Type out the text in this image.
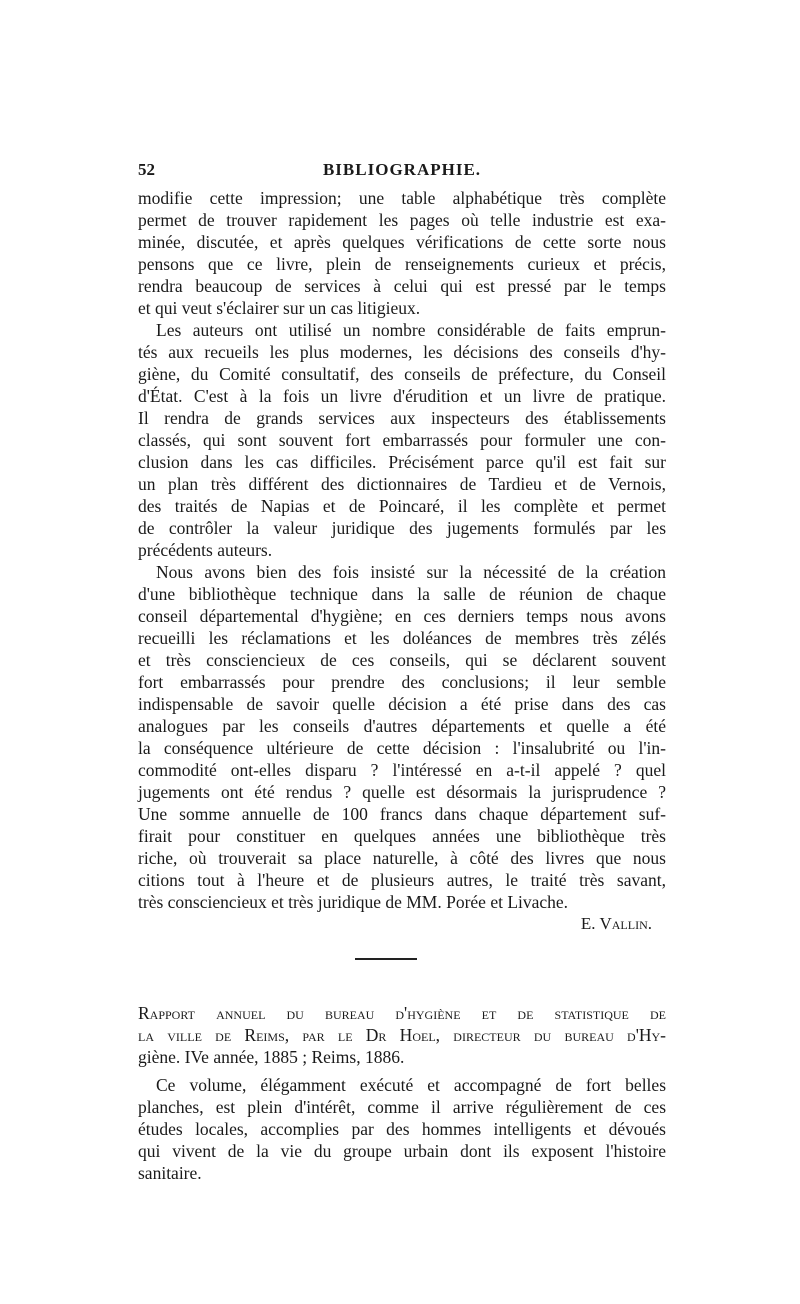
52	BIBLIOGRAPHIE.
modifie cette impression; une table alphabétique très complète
permet de trouver rapidement les pages où telle industrie est exa-
minée, discutée, et après quelques vérifications de cette sorte nous
pensons que ce livre, plein de renseignements curieux et précis,
rendra beaucoup de services à celui qui est pressé par le temps
et qui veut s'éclairer sur un cas litigieux.
Les auteurs ont utilisé un nombre considérable de faits emprun-
tés aux recueils les plus modernes, les décisions des conseils d'hy-
giène, du Comité consultatif, des conseils de préfecture, du Conseil
d'État. C'est à la fois un livre d'érudition et un livre de pratique.
Il rendra de grands services aux inspecteurs des établissements
classés, qui sont souvent fort embarrassés pour formuler une con-
clusion dans les cas difficiles. Précisément parce qu'il est fait sur
un plan très différent des dictionnaires de Tardieu et de Vernois,
des traités de Napias et de Poincaré, il les complète et permet
de contrôler la valeur juridique des jugements formulés par les
précédents auteurs.
Nous avons bien des fois insisté sur la nécessité de la création
d'une bibliothèque technique dans la salle de réunion de chaque
conseil départemental d'hygiène; en ces derniers temps nous avons
recueilli les réclamations et les doléances de membres très zélés
et très consciencieux de ces conseils, qui se déclarent souvent
fort embarrassés pour prendre des conclusions; il leur semble
indispensable de savoir quelle décision a été prise dans des cas
analogues par les conseils d'autres départements et quelle a été
la conséquence ultérieure de cette décision : l'insalubrité ou l'in-
commodité ont-elles disparu ? l'intéressé en a-t-il appelé ? quel
jugements ont été rendus ? quelle est désormais la jurisprudence ?
Une somme annuelle de 100 francs dans chaque département suf-
firait pour constituer en quelques années une bibliothèque très
riche, où trouverait sa place naturelle, à côté des livres que nous
citions tout à l'heure et de plusieurs autres, le traité très savant,
très consciencieux et très juridique de MM. Porée et Livache.
E. Vallin.
Rapport annuel du bureau d'hygiène et de statistique de
la ville de Reims, par le Dr Hoel, directeur du bureau d'Hy-
giène. IVe année, 1885 ; Reims, 1886.
Ce volume, élégamment exécuté et accompagné de fort belles
planches, est plein d'intérêt, comme il arrive régulièrement de ces
études locales, accomplies par des hommes intelligents et dévoués
qui vivent de la vie du groupe urbain dont ils exposent l'histoire
sanitaire.
